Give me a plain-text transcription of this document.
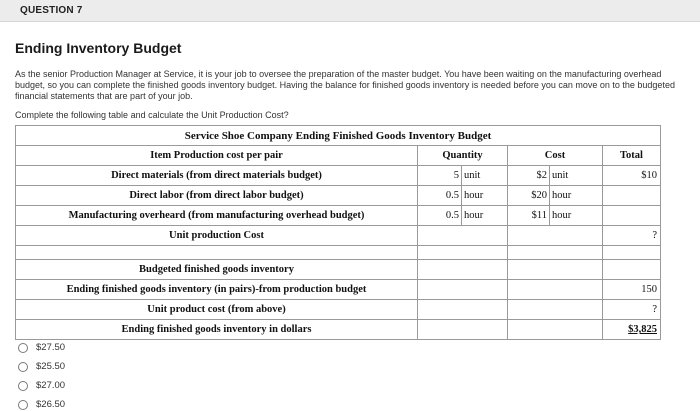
QUESTION 7
Ending Inventory Budget
As the senior Production Manager at Service, it is your job to oversee the preparation of the master budget. You have been waiting on the manufacturing overhead budget, so you can complete the finished goods inventory budget. Having the balance for finished goods inventory is needed before you can move on to the budgeted financial statements that are part of your job.
Complete the following table and calculate the Unit Production Cost?
Service Shoe Company Ending Finished Goods Inventory Budget			
Item Production cost per pair	Quantity	Cost	Total
Direct materials (from direct materials budget)	5 unit	$2 unit	$10
Direct labor (from direct labor budget)	0.5 hour	$20 hour	

Manufacturing overheard (from manufacturing overhead budget)	0.5 hour	$11 hour	

Unit production Cost			?

Budgeted finished goods inventory			
Ending finished goods inventory (in pairs)-from production budget			150
Unit product cost (from above)			?
Ending finished goods inventory in dollars			$3,825
$27.50
$25.50
$27.00
$26.50
